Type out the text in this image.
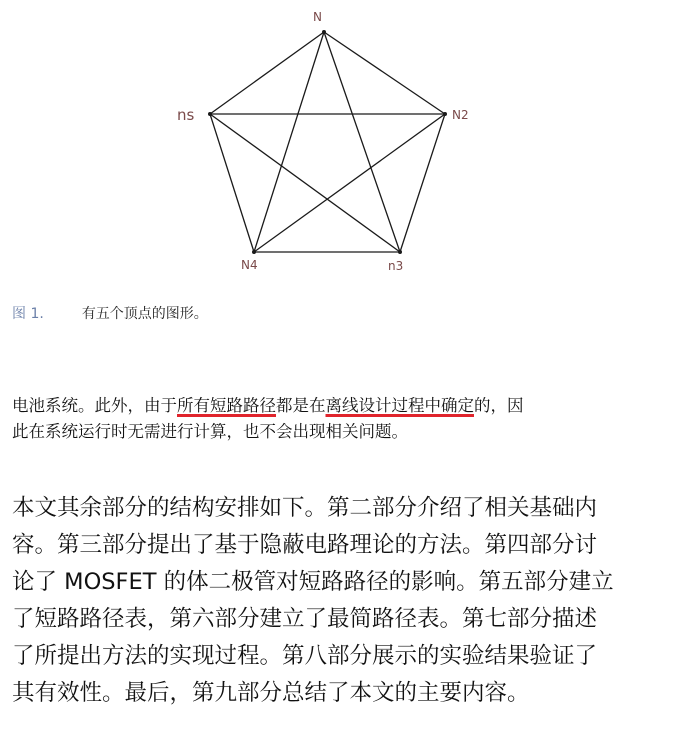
N
ns	N2
N4	n3
图 1.	有五个顶点的图形。
电池系统。此外，由于所有短路路径都是在离线设计过程中确定的，因
此在系统运行时无需进行计算，也不会出现相关问题。
本文其余部分的结构安排如下。第二部分介绍了相关基础内
容。第三部分提出了基于隐蔽电路理论的方法。第四部分讨
论了 MOSFET 的体二极管对短路路径的影响。第五部分建立
了短路路径表，第六部分建立了最简路径表。第七部分描述
了所提出方法的实现过程。第八部分展示的实验结果验证了
其有效性。最后，第九部分总结了本文的主要内容。
